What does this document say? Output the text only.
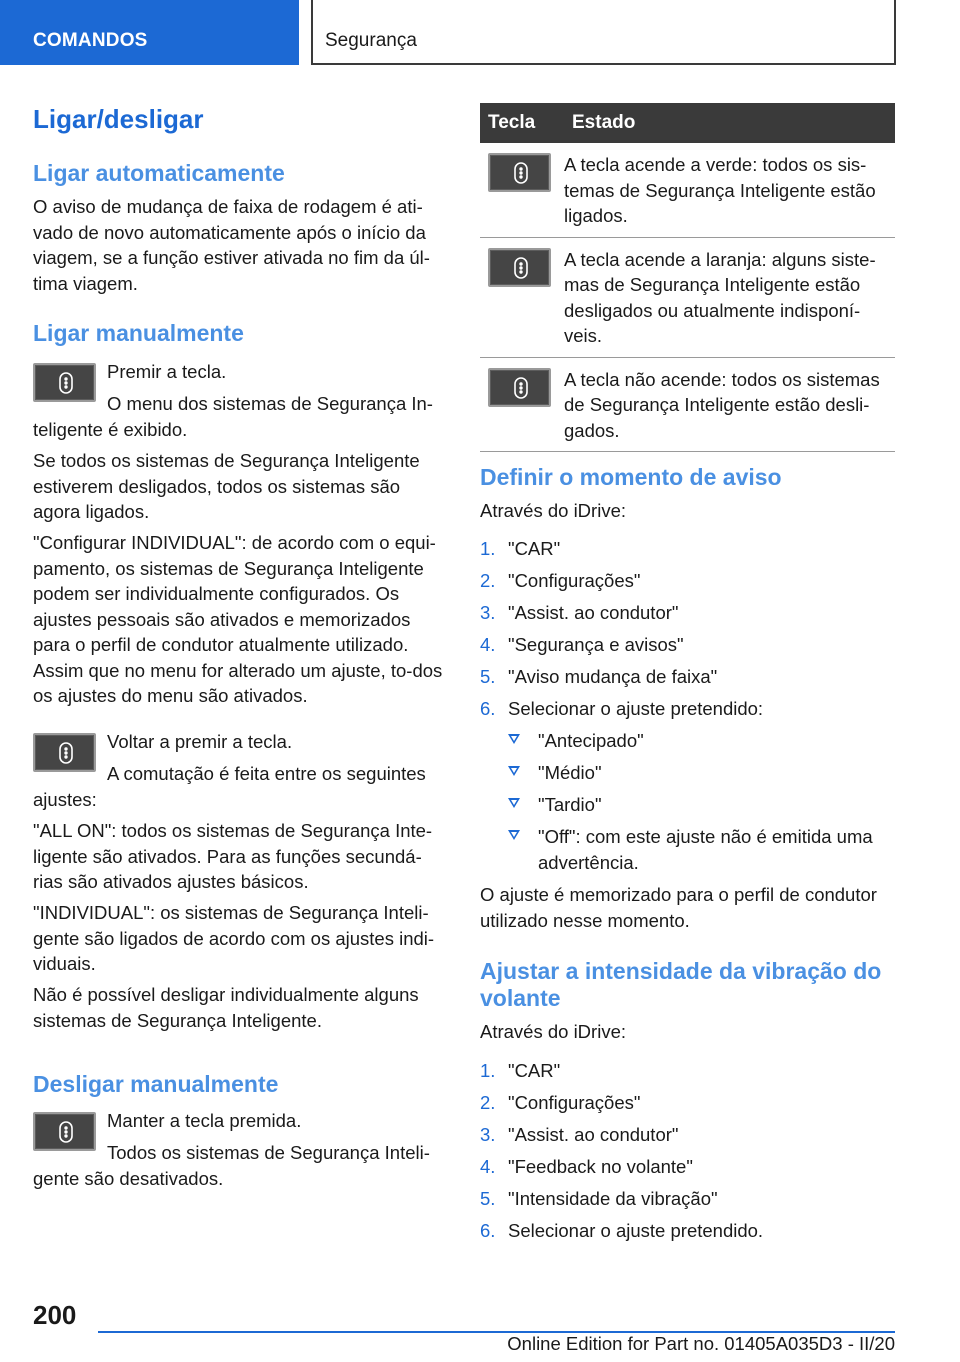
COMANDOS	Segurança
Ligar/desligar
Ligar automaticamente
O aviso de mudança de faixa de rodagem é ati-vado de novo automaticamente após o início da viagem, se a função estiver ativada no fim da úl-tima viagem.
Ligar manualmente
Premir a tecla.
O menu dos sistemas de Segurança In-teligente é exibido.
Se todos os sistemas de Segurança Inteligente estiverem desligados, todos os sistemas são agora ligados.
"Configurar INDIVIDUAL": de acordo com o equi-pamento, os sistemas de Segurança Inteligente podem ser individualmente configurados. Os ajustes pessoais são ativados e memorizados para o perfil de condutor atualmente utilizado. Assim que no menu for alterado um ajuste, to-dos os ajustes do menu são ativados.
Voltar a premir a tecla.
A comutação é feita entre os seguintes ajustes:
"ALL ON": todos os sistemas de Segurança Inte-ligente são ativados. Para as funções secundá-rias são ativados ajustes básicos.
"INDIVIDUAL": os sistemas de Segurança Inteli-gente são ligados de acordo com os ajustes indi-viduais.
Não é possível desligar individualmente alguns sistemas de Segurança Inteligente.
Desligar manualmente
Manter a tecla premida.
Todos os sistemas de Segurança Inteli-gente são desativados.
Tecla	Estado

	A tecla acende a verde: todos os sis-temas de Segurança Inteligente estão ligados.

	A tecla acende a laranja: alguns siste-mas de Segurança Inteligente estão desligados ou atualmente indisponí-veis.

	A tecla não acende: todos os sistemas de Segurança Inteligente estão desli-gados.
Definir o momento de aviso
Através do iDrive:
1. "CAR"
2. "Configurações"
3. "Assist. ao condutor"
4. "Segurança e avisos"
5. "Aviso mudança de faixa"
6. Selecionar o ajuste pretendido:
"Antecipado"
"Médio"
"Tardio"
"Off": com este ajuste não é emitida uma advertência.
O ajuste é memorizado para o perfil de condutor utilizado nesse momento.
Ajustar a intensidade da vibração do volante
Através do iDrive:
1. "CAR"
2. "Configurações"
3. "Assist. ao condutor"
4. "Feedback no volante"
5. "Intensidade da vibração"
6. Selecionar o ajuste pretendido.
200
Online Edition for Part no. 01405A035D3 - II/20
